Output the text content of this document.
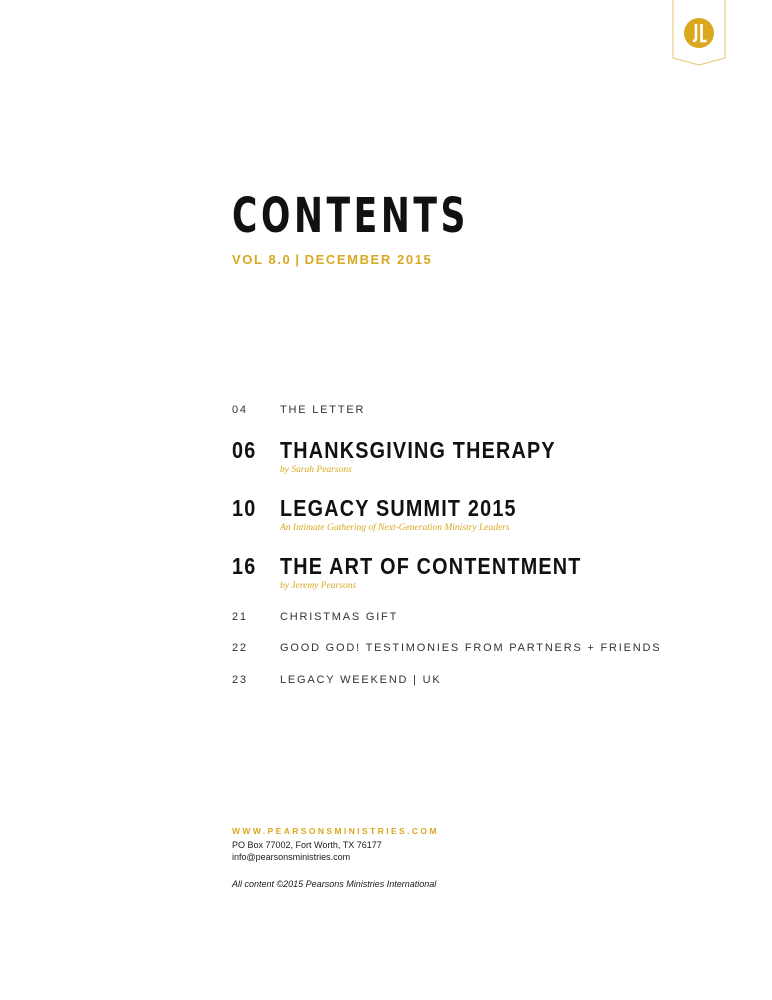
CONTENTS
VOL 8.0 | DECEMBER 2015
04	THE LETTER
06 THANKSGIVING THERAPY
by Sarah Pearsons
10 LEGACY SUMMIT 2015
An Intimate Gathering of Next-Generation Ministry Leaders
16 THE ART OF CONTENTMENT
by Jeremy Pearsons
21	CHRISTMAS GIFT
22	GOOD GOD! TESTIMONIES FROM PARTNERS + FRIENDS
23	LEGACY WEEKEND | UK
WWW.PEARSONSMINISTRIES.COM
PO Box 77002, Fort Worth, TX 76177
info@pearsonsministries.com
All content ©2015 Pearsons Ministries International
